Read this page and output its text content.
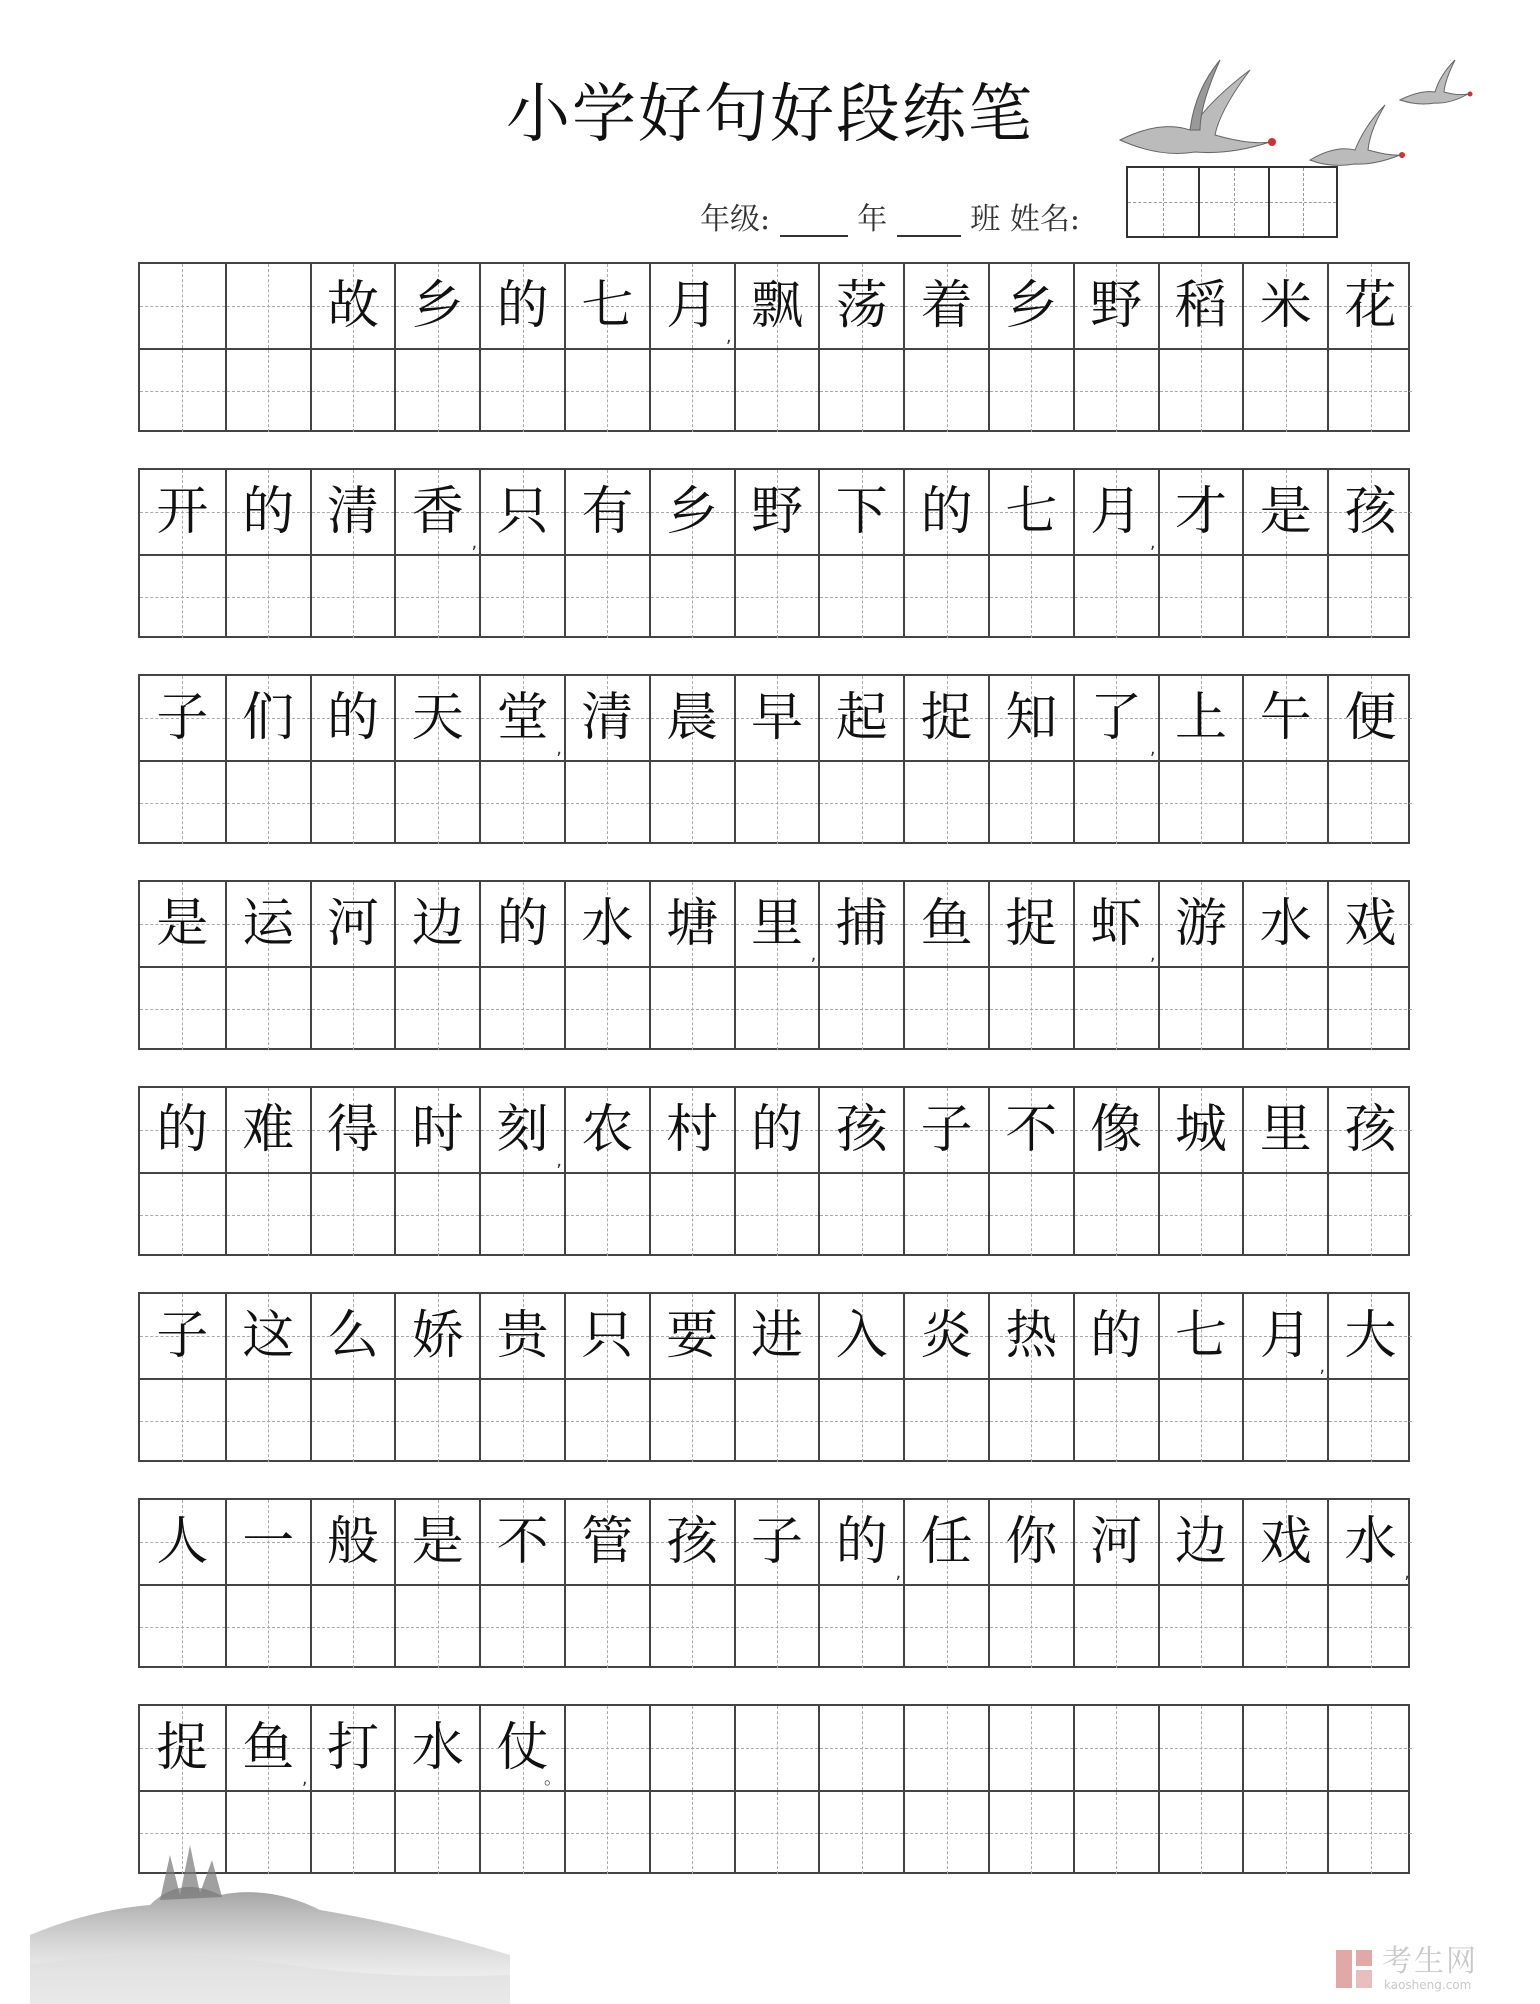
小学好句好段练笔
年级:	年	班 姓名:
故 乡 的 七 月
,
飘 荡 着 乡 野 稻 米 花
开 的 清 香
,
只 有 乡 野 下 的 七 月
,
才 是 孩
子 们 的 天 堂
,
清 晨 早 起 捉 知 了
,
上 午 便
是 运 河 边 的 水 塘 里
,
捕 鱼 捉 虾
,
游 水 戏
的 难 得 时 刻
,
农 村 的 孩 子 不 像 城 里 孩
子 这 么 娇 贵 只 要 进 入 炎 热 的 七 月
,
大
人 一 般 是 不 管 孩 子 的
,
任 你 河 边 戏 水
,
捉 鱼
,
打 水 仗
。
考生网
kaosheng.com
